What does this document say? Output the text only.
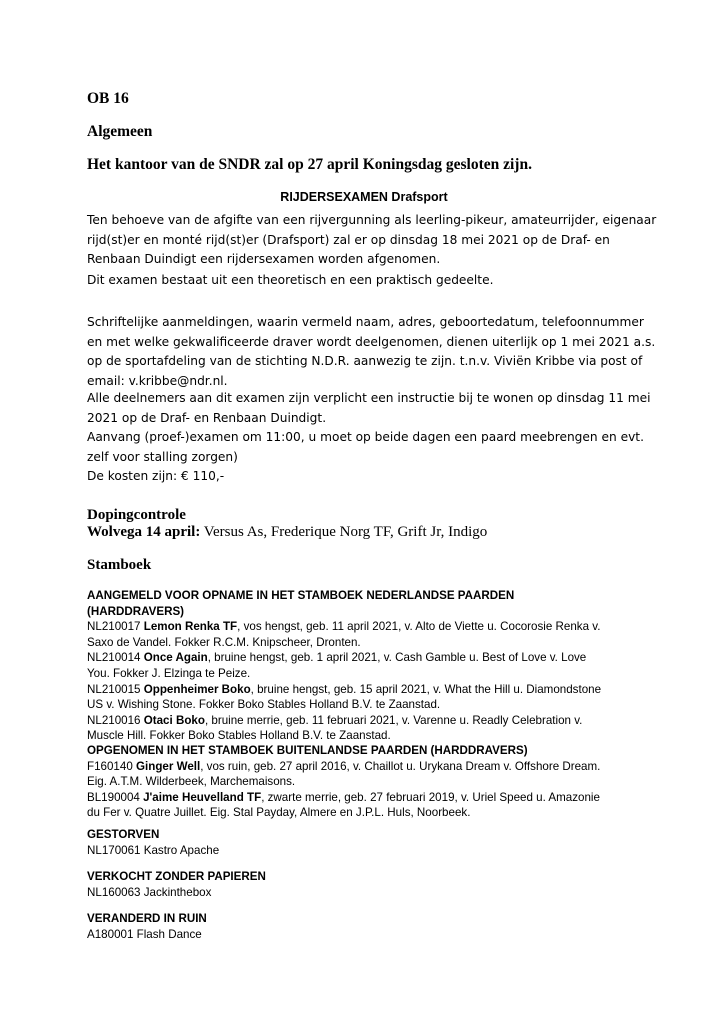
OB 16

Algemeen

Het kantoor van de SNDR zal op 27 april Koningsdag gesloten zijn.

RIJDERSEXAMEN Drafsport

Ten behoeve van de afgifte van een rijvergunning als leerling-pikeur, amateurrijder, eigenaar
rijd(st)er en monté rijd(st)er (Drafsport) zal er op dinsdag 18 mei 2021 op de Draf- en
Renbaan Duindigt een rijdersexamen worden afgenomen.
Dit examen bestaat uit een theoretisch en een praktisch gedeelte.
Schriftelijke aanmeldingen, waarin vermeld naam, adres, geboortedatum, telefoonnummer
en met welke gekwalificeerde draver wordt deelgenomen, dienen uiterlijk op 1 mei 2021 a.s.
op de sportafdeling van de stichting N.D.R. aanwezig te zijn. t.n.v. Viviën Kribbe via post of
email: v.kribbe@ndr.nl.
Alle deelnemers aan dit examen zijn verplicht een instructie bij te wonen op dinsdag 11 mei
2021 op de Draf- en Renbaan Duindigt.
Aanvang (proef-)examen om 11:00, u moet op beide dagen een paard meebrengen en evt.
zelf voor stalling zorgen)
De kosten zijn: € 110,-
Dopingcontrole
Wolvega 14 april: Versus As, Frederique Norg TF, Grift Jr, Indigo

Stamboek

AANGEMELD VOOR OPNAME IN HET STAMBOEK NEDERLANDSE PAARDEN
(HARDDRAVERS)
NL210017 Lemon Renka TF, vos hengst, geb. 11 april 2021, v. Alto de Viette u. Cocorosie Renka v.
Saxo de Vandel. Fokker R.C.M. Knipscheer, Dronten.
NL210014 Once Again, bruine hengst, geb. 1 april 2021, v. Cash Gamble u. Best of Love v. Love
You. Fokker J. Elzinga te Peize.
NL210015 Oppenheimer Boko, bruine hengst, geb. 15 april 2021, v. What the Hill u. Diamondstone
US v. Wishing Stone. Fokker Boko Stables Holland B.V. te Zaanstad.
NL210016 Otaci Boko, bruine merrie, geb. 11 februari 2021, v. Varenne u. Readly Celebration v.
Muscle Hill. Fokker Boko Stables Holland B.V. te Zaanstad.
OPGENOMEN IN HET STAMBOEK BUITENLANDSE PAARDEN (HARDDRAVERS)
F160140 Ginger Well, vos ruin, geb. 27 april 2016, v. Chaillot u. Urykana Dream v. Offshore Dream.
Eig. A.T.M. Wilderbeek, Marchemaisons.
BL190004 J'aime Heuvelland TF, zwarte merrie, geb. 27 februari 2019, v. Uriel Speed u. Amazonie
du Fer v. Quatre Juillet. Eig. Stal Payday, Almere en J.P.L. Huls, Noorbeek.
GESTORVEN
NL170061 Kastro Apache
VERKOCHT ZONDER PAPIEREN
NL160063 Jackinthebox
VERANDERD IN RUIN
A180001 Flash Dance
